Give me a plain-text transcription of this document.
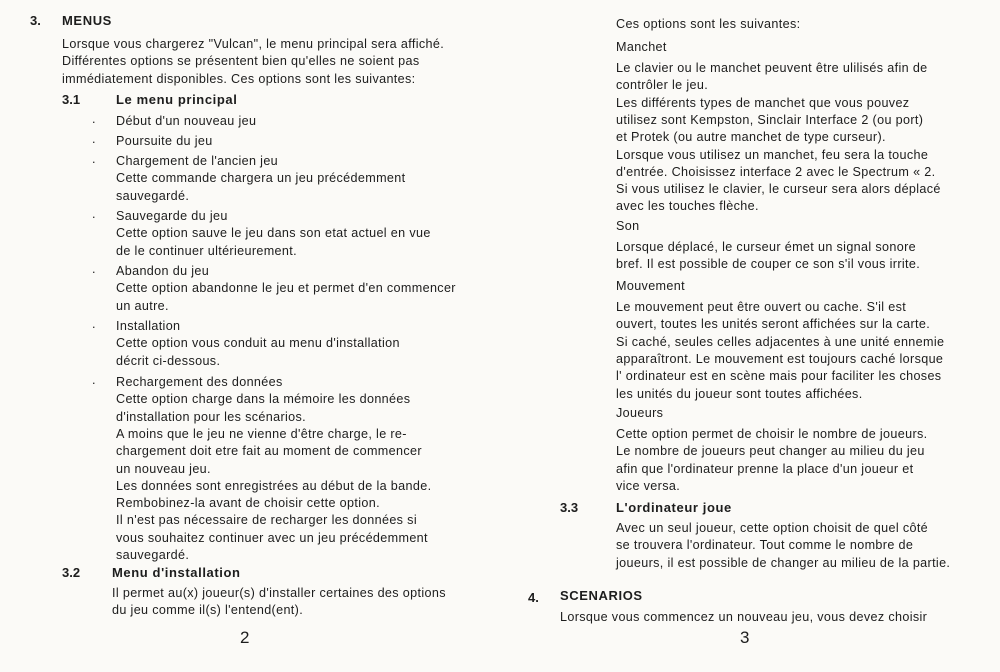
3. MENUS
Lorsque vous chargerez "Vulcan", le menu principal sera affiché.
Différentes options se présentent bien qu'elles ne soient pas
immédiatement disponibles. Ces options sont les suivantes:
3.1	Le menu principal
. Début d'un nouveau jeu
. Poursuite du jeu
. Chargement de l'ancien jeu
Cette commande chargera un jeu précédemment
sauvegardé.
. Sauvegarde du jeu
Cette option sauve le jeu dans son etat actuel en vue
de le continuer ultérieurement.
. Abandon du jeu
Cette option abandonne le jeu et permet d'en commencer
un autre.
. Installation
Cette option vous conduit au menu d'installation
décrit ci-dessous.
. Rechargement des données
Cette option charge dans la mémoire les données
d'installation pour les scénarios.
A moins que le jeu ne vienne d'être charge, le re-
chargement doit etre fait au moment de commencer
un nouveau jeu.
Les données sont enregistrées au début de la bande.
Rembobinez-la avant de choisir cette option.
Il n'est pas nécessaire de recharger les données si
vous souhaitez continuer avec un jeu précédemment
sauvegardé.
3.2 Menu d'installation
Il permet au(x) joueur(s) d'installer certaines des options
du jeu comme il(s) l'entend(ent).
2
Ces options sont les suivantes:
Manchet
Le clavier ou le manchet peuvent être ulilisés afin de
contrôler le jeu.
Les différents types de manchet que vous pouvez
utilisez sont Kempston, Sinclair Interface 2 (ou port)
et Protek (ou autre manchet de type curseur).
Lorsque vous utilisez un manchet, feu sera la touche
d'entrée. Choisissez interface 2 avec le Spectrum « 2.
Si vous utilisez le clavier, le curseur sera alors déplacé
avec les touches flèche.
Son
Lorsque déplacé, le curseur émet un signal sonore
bref. Il est possible de couper ce son s'il vous irrite.
Mouvement
Le mouvement peut être ouvert ou cache. S'il est
ouvert, toutes les unités seront affichées sur la carte.
Si caché, seules celles adjacentes à une unité ennemie
apparaîtront. Le mouvement est toujours caché lorsque
l' ordinateur est en scène mais pour faciliter les choses
les unités du joueur sont toutes affichées.
Joueurs
Cette option permet de choisir le nombre de joueurs.
Le nombre de joueurs peut changer au milieu du jeu
afin que l'ordinateur prenne la place d'un joueur et
vice versa.
3.3	L'ordinateur joue
Avec un seul joueur, cette option choisit de quel côté
se trouvera l'ordinateur. Tout comme le nombre de
joueurs, il est possible de changer au milieu de la partie.
4. SCENARIOS
Lorsque vous commencez un nouveau jeu, vous devez choisir
3
